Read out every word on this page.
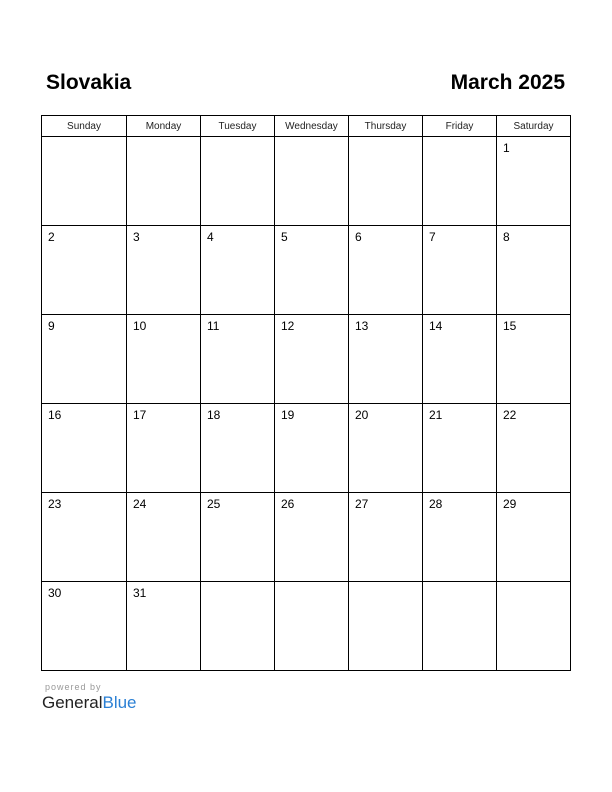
Slovakia	March 2025
Sunday	Monday	Tuesday	Wednesday	Thursday	Friday	Saturday

						1

2	3	4	5	6	7	8

9	10	11	12	13	14	15

16	17	18	19	20	21	22

23	24	25	26	27	28	29

30	31					

powered by
GeneralBlue
